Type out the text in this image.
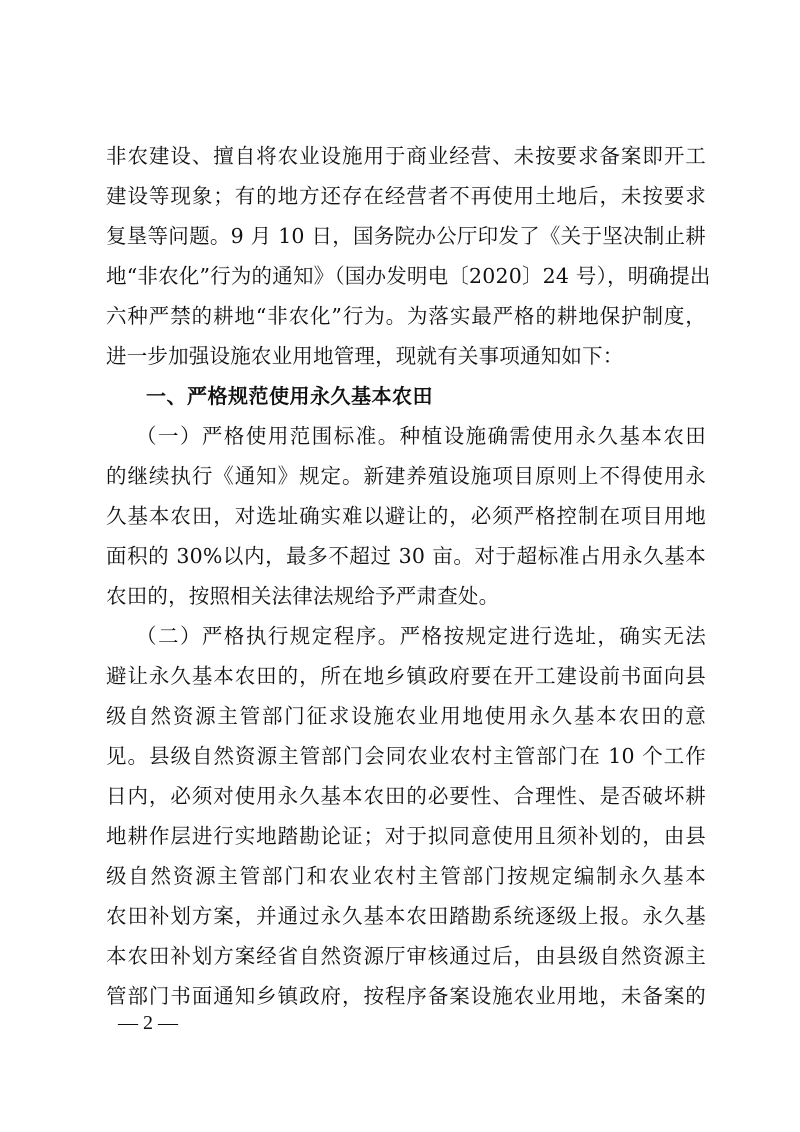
非农建设、擅自将农业设施用于商业经营、未按要求备案即开工
建设等现象；有的地方还存在经营者不再使用土地后，未按要求
复垦等问题。9 月 10 日，国务院办公厅印发了《关于坚决制止耕
地“非农化”行为的通知》（国办发明电〔2020〕24 号），明确提出
六种严禁的耕地“非农化”行为。为落实最严格的耕地保护制度，
进一步加强设施农业用地管理，现就有关事项通知如下：
一、严格规范使用永久基本农田
（一）严格使用范围标准。种植设施确需使用永久基本农田
的继续执行《通知》规定。新建养殖设施项目原则上不得使用永
久基本农田，对选址确实难以避让的，必须严格控制在项目用地
面积的 30%以内，最多不超过 30 亩。对于超标准占用永久基本
农田的，按照相关法律法规给予严肃查处。
（二）严格执行规定程序。严格按规定进行选址，确实无法
避让永久基本农田的，所在地乡镇政府要在开工建设前书面向县
级自然资源主管部门征求设施农业用地使用永久基本农田的意
见。县级自然资源主管部门会同农业农村主管部门在 10 个工作
日内，必须对使用永久基本农田的必要性、合理性、是否破坏耕
地耕作层进行实地踏勘论证；对于拟同意使用且须补划的，由县
级自然资源主管部门和农业农村主管部门按规定编制永久基本
农田补划方案，并通过永久基本农田踏勘系统逐级上报。永久基
— 2 —
本农田补划方案经省自然资源厅审核通过后，由县级自然资源主
管部门书面通知乡镇政府，按程序备案设施农业用地，未备案的
